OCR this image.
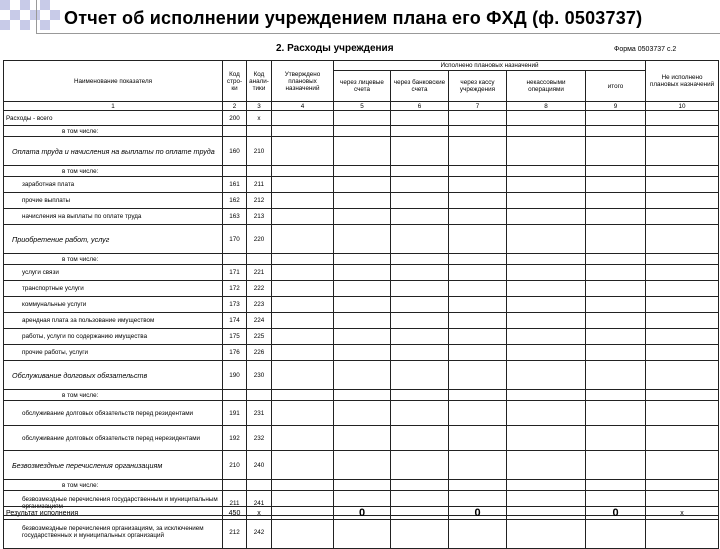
Отчет об исполнении учреждением плана его ФХД (ф. 0503737)
2. Расходы учреждения	Форма 0503737 с.2
Наименование показателя	Код стро-ки	Код анали-тики	Утверждено плановых назначений	Исполнено плановых назначений					Не исполнено плановых назначений
				через лицевые счета	через банковские счета	через кассу учреждения	некассовыми операциями	итого	
1	2	3	4	5	6	7	8	9	10
Расходы - всего	200	х							
в том числе:									
Оплата труда и начисления на выплаты по оплате труда	160	210							
в том числе:									
заработная плата	161	211							
прочие выплаты	162	212							
начисления на выплаты по оплате труда	163	213							
Приобретение работ, услуг	170	220							
в том числе:									
услуги связи	171	221							
транспортные услуги	172	222							
коммунальные услуги	173	223							
арендная плата за пользование имуществом	174	224							
работы, услуги по содержанию имущества	175	225							
прочие работы, услуги	176	226							
Обслуживание долговых обязательств	190	230							
в том числе:									
обслуживание долговых обязательств перед резидентами	191	231							
обслуживание долговых обязательств перед нерезидентами	192	232							
Безвозмездные перечисления организациям	210	240							
в том числе:									
безвозмездные перечисления государственным и муниципальным организациям	211	241							
безвозмездные перечисления организациям, за исключением государственных и муниципальных организаций	212	242							
Результат исполнения	450	х		0		0		0	х
